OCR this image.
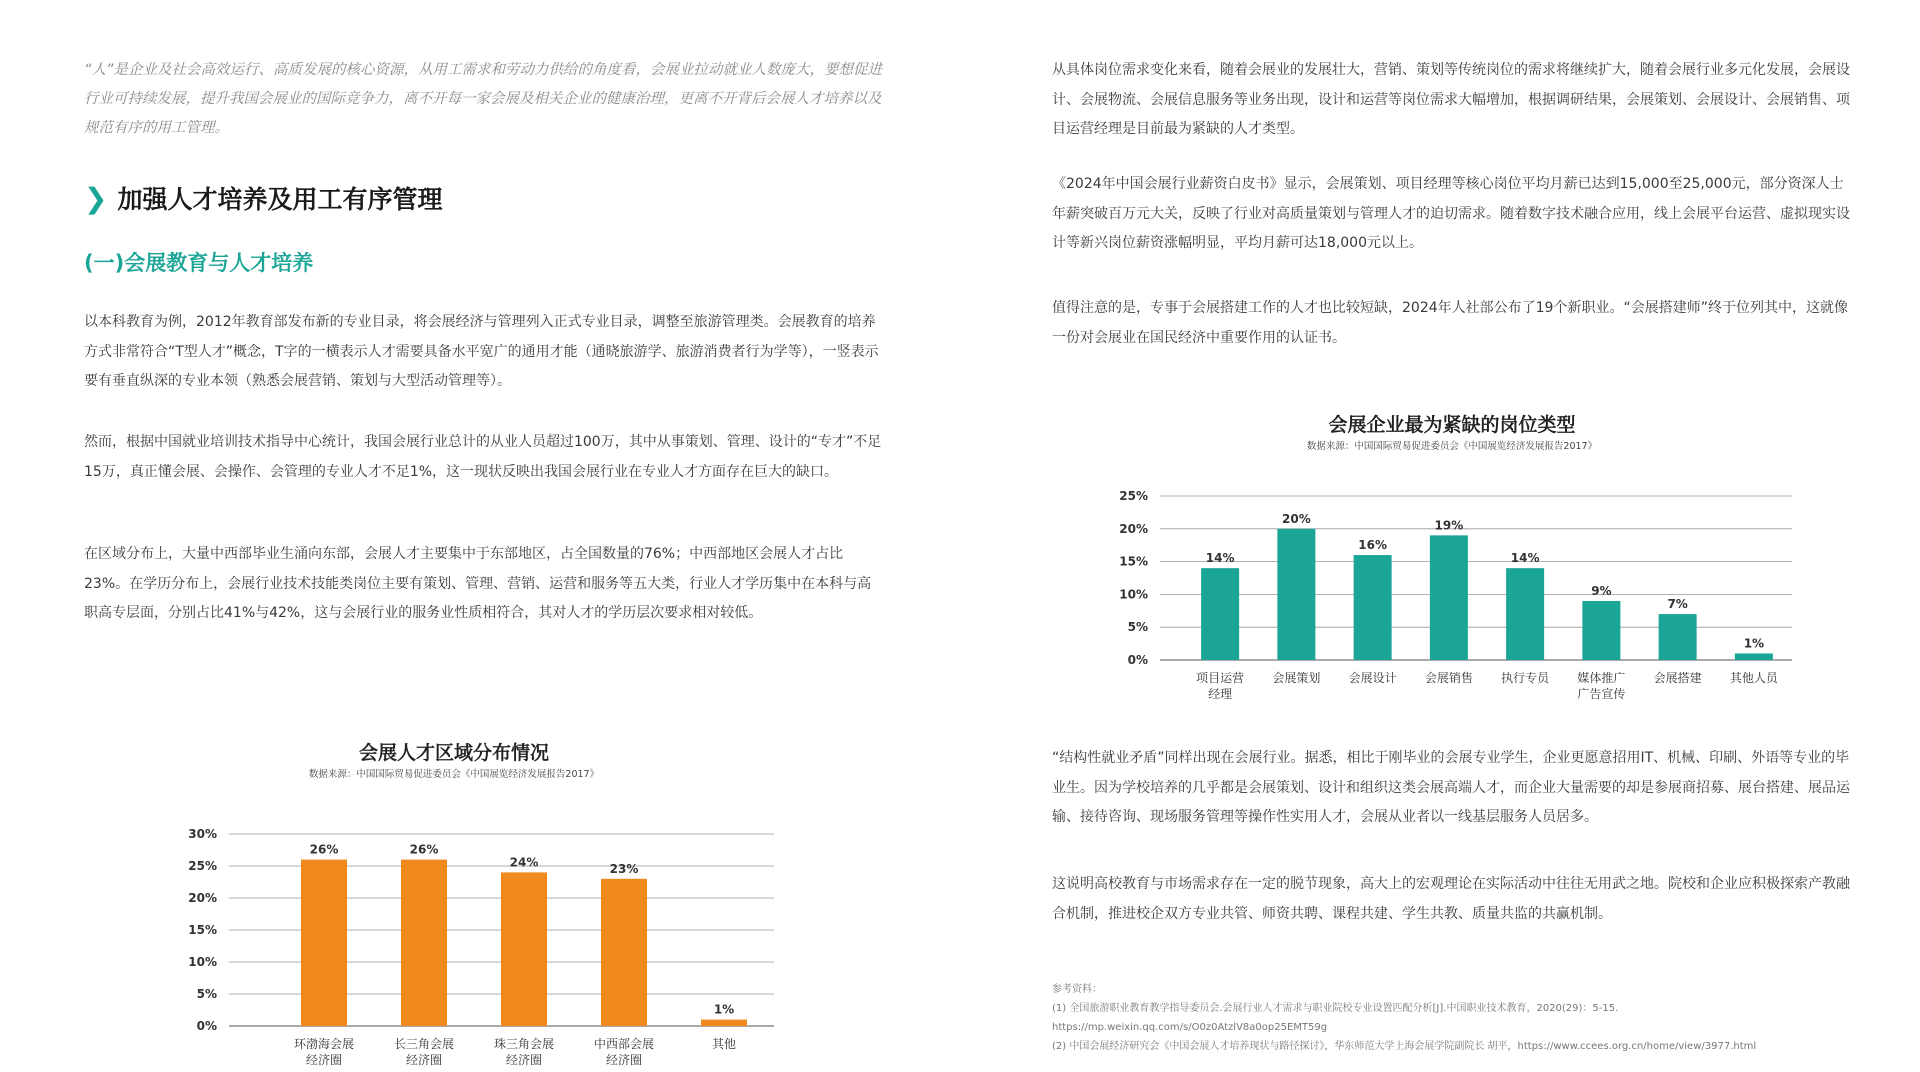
“人”是企业及社会高效运行、高质发展的核心资源，从用工需求和劳动力供给的角度看，会展业拉动就业人数庞大，要想促进行业可持续发展，提升我国会展业的国际竞争力，离不开每一家会展及相关企业的健康治理，更离不开背后会展人才培养以及规范有序的用工管理。

❯ 加强人才培养及用工有序管理
(一)会展教育与人才培养

以本科教育为例，2012年教育部发布新的专业目录，将会展经济与管理列入正式专业目录，调整至旅游管理类。会展教育的培养方式非常符合“T型人才”概念，T字的一横表示人才需要具备水平宽广的通用才能（通晓旅游学、旅游消费者行为学等），一竖表示要有垂直纵深的专业本领（熟悉会展营销、策划与大型活动管理等）。

然而，根据中国就业培训技术指导中心统计，我国会展行业总计的从业人员超过100万，其中从事策划、管理、设计的“专才”不足15万，真正懂会展、会操作、会管理的专业人才不足1%，这一现状反映出我国会展行业在专业人才方面存在巨大的缺口。

在区域分布上，大量中西部毕业生涌向东部，会展人才主要集中于东部地区，占全国数量的76%；中西部地区会展人才占比23%。在学历分布上，会展行业技术技能类岗位主要有策划、管理、营销、运营和服务等五大类，行业人才学历集中在本科与高职高专层面，分别占比41%与42%，这与会展行业的服务业性质相符合，其对人才的学历层次要求相对较低。

会展人才区域分布情况

数据来源：中国国际贸易促进委员会《中国展览经济发展报告2017》

0%
5%
10%
15%
20%
25%
30%
26%
环渤海会展
经济圈
26%
长三角会展
经济圈
24%
珠三角会展
经济圈
23%
中西部会展
经济圈
1%
其他

从具体岗位需求变化来看，随着会展业的发展壮大，营销、策划等传统岗位的需求将继续扩大，随着会展行业多元化发展，会展设计、会展物流、会展信息服务等业务出现，设计和运营等岗位需求大幅增加，根据调研结果，会展策划、会展设计、会展销售、项目运营经理是目前最为紧缺的人才类型。

《2024年中国会展行业薪资白皮书》显示，会展策划、项目经理等核心岗位平均月薪已达到15,000至25,000元，部分资深人士年薪突破百万元大关，反映了行业对高质量策划与管理人才的迫切需求。随着数字技术融合应用，线上会展平台运营、虚拟现实设计等新兴岗位薪资涨幅明显，平均月薪可达18,000元以上。

值得注意的是，专事于会展搭建工作的人才也比较短缺，2024年人社部公布了19个新职业。“会展搭建师”终于位列其中，这就像一份对会展业在国民经济中重要作用的认证书。

会展企业最为紧缺的岗位类型

数据来源：中国国际贸易促进委员会《中国展览经济发展报告2017》

0%
5%
10%
15%
20%
25%
14%
项目运营
经理
20%
会展策划
16%
会展设计
19%
会展销售
14%
执行专员
9%
媒体推广
广告宣传
7%
会展搭建
1%
其他人员

“结构性就业矛盾”同样出现在会展行业。据悉，相比于刚毕业的会展专业学生，企业更愿意招用IT、机械、印刷、外语等专业的毕业生。因为学校培养的几乎都是会展策划、设计和组织这类会展高端人才，而企业大量需要的却是参展商招募、展台搭建、展品运输、接待咨询、现场服务管理等操作性实用人才，会展从业者以一线基层服务人员居多。

这说明高校教育与市场需求存在一定的脱节现象，高大上的宏观理论在实际活动中往往无用武之地。院校和企业应积极探索产教融合机制，推进校企双方专业共管、师资共聘、课程共建、学生共教、质量共监的共赢机制。

参考资料：
(1) 全国旅游职业教育教学指导委员会.会展行业人才需求与职业院校专业设置匹配分析[J].中国职业技术教育，2020(29)：5-15.
https://mp.weixin.qq.com/s/O0z0AtzlV8a0op25EMT59g
(2) 中国会展经济研究会《中国会展人才培养现状与路径探讨》，华东师范大学上海会展学院副院长 胡平，https://www.ccees.org.cn/home/view/3977.html
